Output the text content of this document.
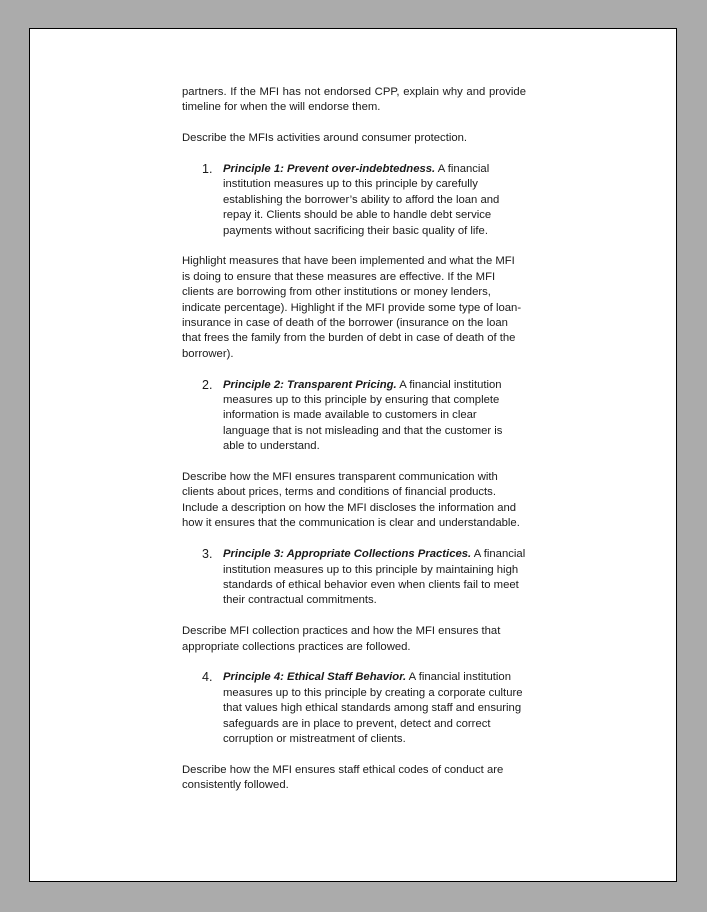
partners. If the MFI has not endorsed CPP, explain why and provide timeline for when the will endorse them.

Describe the MFIs activities around consumer protection.

1. Principle 1: Prevent over-indebtedness. A financial institution measures up to this principle by carefully establishing the borrower’s ability to afford the loan and repay it. Clients should be able to handle debt service payments without sacrificing their basic quality of life.

Highlight measures that have been implemented and what the MFI is doing to ensure that these measures are effective. If the MFI clients are borrowing from other institutions or money lenders, indicate percentage). Highlight if the MFI provide some type of loan-insurance in case of death of the borrower (insurance on the loan that frees the family from the burden of debt in case of death of the borrower).

2. Principle 2: Transparent Pricing. A financial institution measures up to this principle by ensuring that complete information is made available to customers in clear language that is not misleading and that the customer is able to understand.

Describe how the MFI ensures transparent communication with clients about prices, terms and conditions of financial products. Include a description on how the MFI discloses the information and how it ensures that the communication is clear and understandable.

3. Principle 3: Appropriate Collections Practices. A financial institution measures up to this principle by maintaining high standards of ethical behavior even when clients fail to meet their contractual commitments.

Describe MFI collection practices and how the MFI ensures that appropriate collections practices are followed.

4. Principle 4: Ethical Staff Behavior. A financial institution measures up to this principle by creating a corporate culture that values high ethical standards among staff and ensuring safeguards are in place to prevent, detect and correct corruption or mistreatment of clients.

Describe how the MFI ensures staff ethical codes of conduct are consistently followed.
